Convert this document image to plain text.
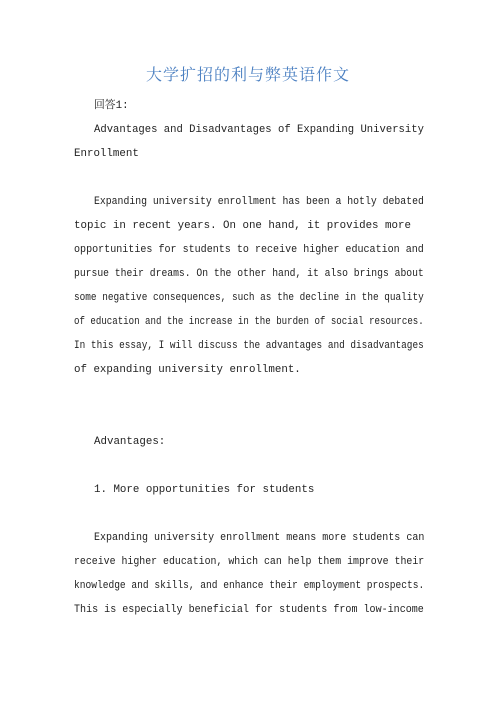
大学扩招的利与弊英语作文
回答1:
Advantages and Disadvantages of Expanding University
Enrollment
Expanding university enrollment has been a hotly debated
topic in recent years. On one hand, it provides more
opportunities for students to receive higher education and
pursue their dreams. On the other hand, it also brings about
some negative consequences, such as the decline in the quality
of education and the increase in the burden of social resources.
In this essay, I will discuss the advantages and disadvantages
of expanding university enrollment.
Advantages:
1. More opportunities for students
Expanding university enrollment means more students can
receive higher education, which can help them improve their
knowledge and skills, and enhance their employment prospects.
This is especially beneficial for students from low-income
